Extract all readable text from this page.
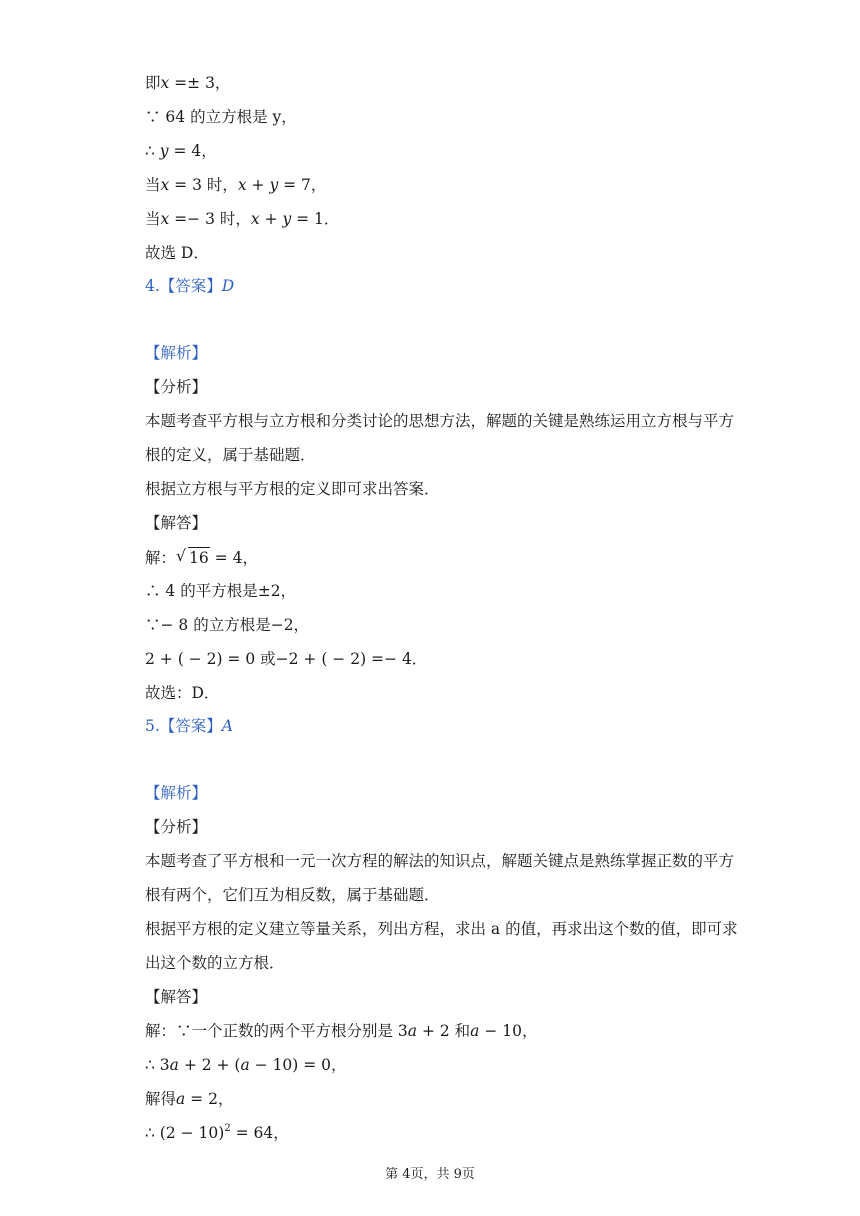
即𝑥 =± 3，
∵ 64 的立方根是 y，
∴ 𝑦 = 4，
当𝑥 = 3 时，𝑥 + 𝑦 = 7，
当𝑥 =− 3 时，𝑥 + 𝑦 = 1．
故选 D．
4.【答案】D
【解析】
【分析】
本题考查平方根与立方根和分类讨论的思想方法，解题的关键是熟练运用立方根与平方
根的定义，属于基础题．
根据立方根与平方根的定义即可求出答案．
【解答】
解： √ 16 = 4，
∴ 4 的平方根是±2，
∵− 8 的立方根是−2，
2 + ( − 2) = 0 或−2 + ( − 2) =− 4．
故选：D．
5.【答案】A
【解析】
【分析】
本题考查了平方根和一元一次方程的解法的知识点，解题关键点是熟练掌握正数的平方
根有两个，它们互为相反数，属于基础题．
根据平方根的定义建立等量关系，列出方程，求出 a 的值，再求出这个数的值，即可求
出这个数的立方根．
【解答】
解：∵一个正数的两个平方根分别是 3𝑎 + 2 和𝑎 − 10，
∴ 3𝑎 + 2 + (𝑎 − 10) = 0，
解得𝑎 = 2，
∴ $(2 - 10)^2 = 64$，
第 4页，共 9页
